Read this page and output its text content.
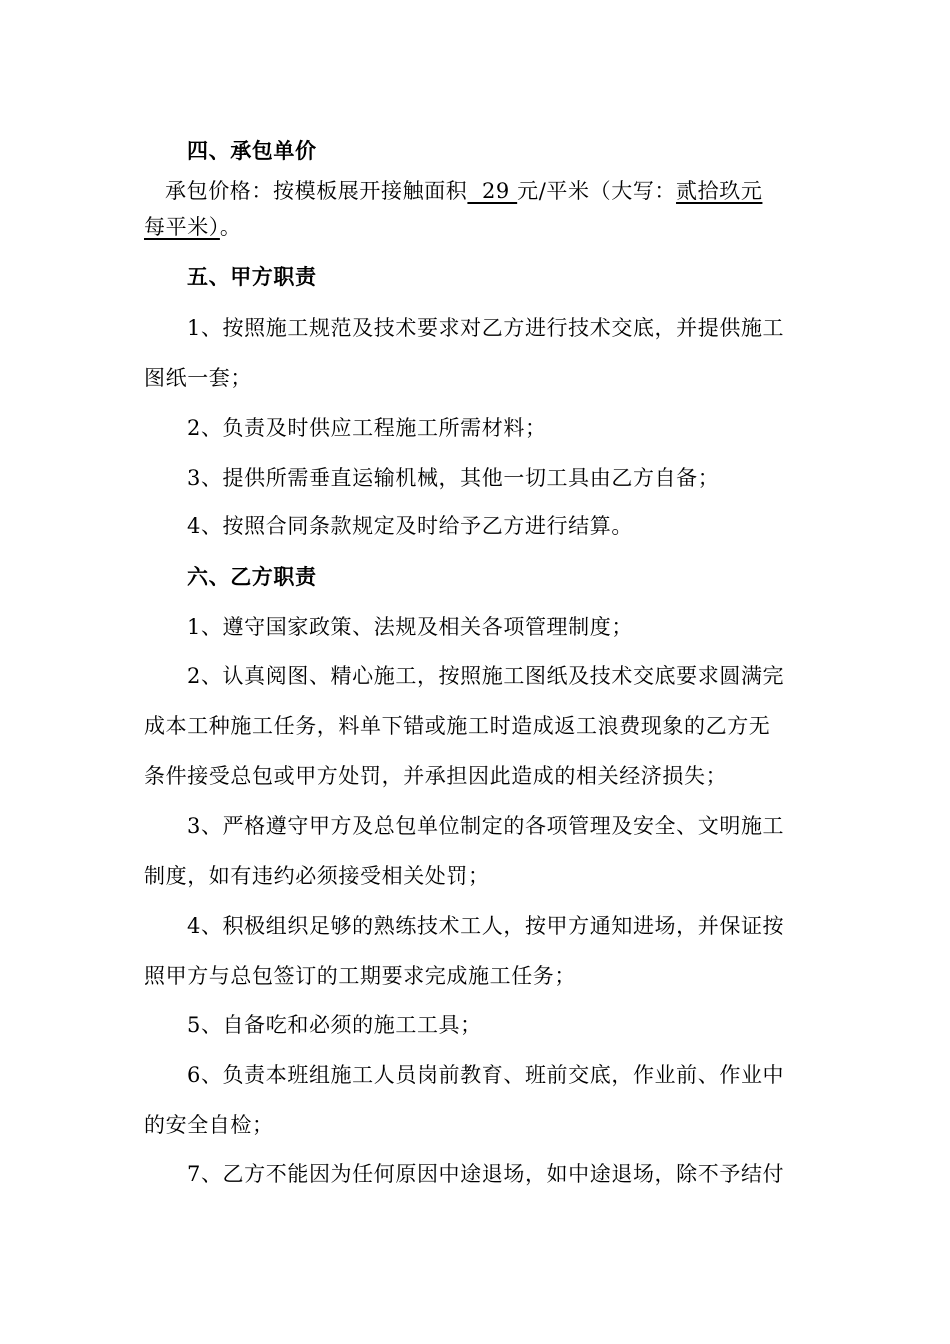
四、承包单价
承包价格：按模板展开接触面积  29 元/平米（大写：贰拾玖元
每平米）。
五、甲方职责
1、按照施工规范及技术要求对乙方进行技术交底，并提供施工
图纸一套；
2、负责及时供应工程施工所需材料；
3、提供所需垂直运输机械，其他一切工具由乙方自备；
4、按照合同条款规定及时给予乙方进行结算。
六、乙方职责
1、遵守国家政策、法规及相关各项管理制度；
2、认真阅图、精心施工，按照施工图纸及技术交底要求圆满完
成本工种施工任务，料单下错或施工时造成返工浪费现象的乙方无
条件接受总包或甲方处罚，并承担因此造成的相关经济损失；
3、严格遵守甲方及总包单位制定的各项管理及安全、文明施工
制度，如有违约必须接受相关处罚；
4、积极组织足够的熟练技术工人，按甲方通知进场，并保证按
照甲方与总包签订的工期要求完成施工任务；
5、自备吃和必须的施工工具；
6、负责本班组施工人员岗前教育、班前交底，作业前、作业中
的安全自检；
7、乙方不能因为任何原因中途退场，如中途退场，除不予结付
